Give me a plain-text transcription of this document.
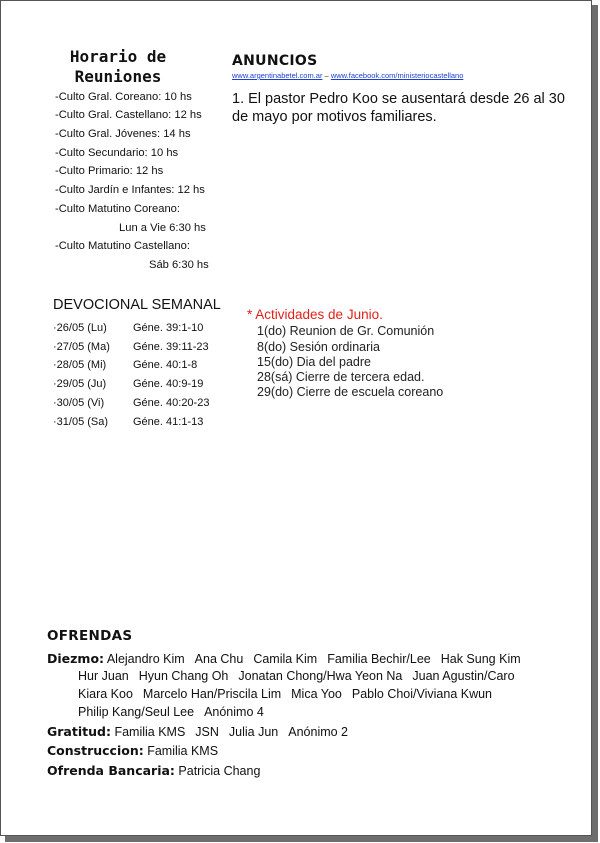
Horario de
Reuniones
-Culto Gral. Coreano: 10 hs
-Culto Gral. Castellano: 12 hs
-Culto Gral. Jóvenes: 14 hs
-Culto Secundario: 10 hs
-Culto Primario: 12 hs
-Culto Jardín e Infantes: 12 hs
-Culto Matutino Coreano:
Lun a Vie 6:30 hs
-Culto Matutino Castellano:
Sáb 6:30 hs
ANUNCIOS
www.argentinabetel.com.ar – www.facebook.com/ministeriocastellano
1. El pastor Pedro Koo se ausentará desde 26 al 30 de mayo por motivos familiares.
DEVOCIONAL SEMANAL
·26/05 (Lu) Géne. 39:1-10
·27/05 (Ma) Géne. 39:11-23
·28/05 (Mi) Géne. 40:1-8
·29/05 (Ju) Géne. 40:9-19
·30/05 (Vi)	Géne. 40:20-23
·31/05 (Sa) Géne. 41:1-13
* Actividades de Junio.
1(do) Reunion de Gr. Comunión
8(do) Sesión ordinaria
15(do) Dia del padre
28(sá) Cierre de tercera edad.
29(do) Cierre de escuela coreano
OFRENDAS
Diezmo: Alejandro Kim Ana Chu Camila Kim Familia Bechir/Lee Hak Sung Kim
Hur Juan Hyun Chang Oh Jonatan Chong/Hwa Yeon Na Juan Agustin/Caro
Kiara Koo Marcelo Han/Priscila Lim Mica Yoo Pablo Choi/Viviana Kwun
Philip Kang/Seul Lee Anónimo 4
Gratitud: Familia KMS JSN Julia Jun Anónimo 2
Construccion: Familia KMS
Ofrenda Bancaria: Patricia Chang
